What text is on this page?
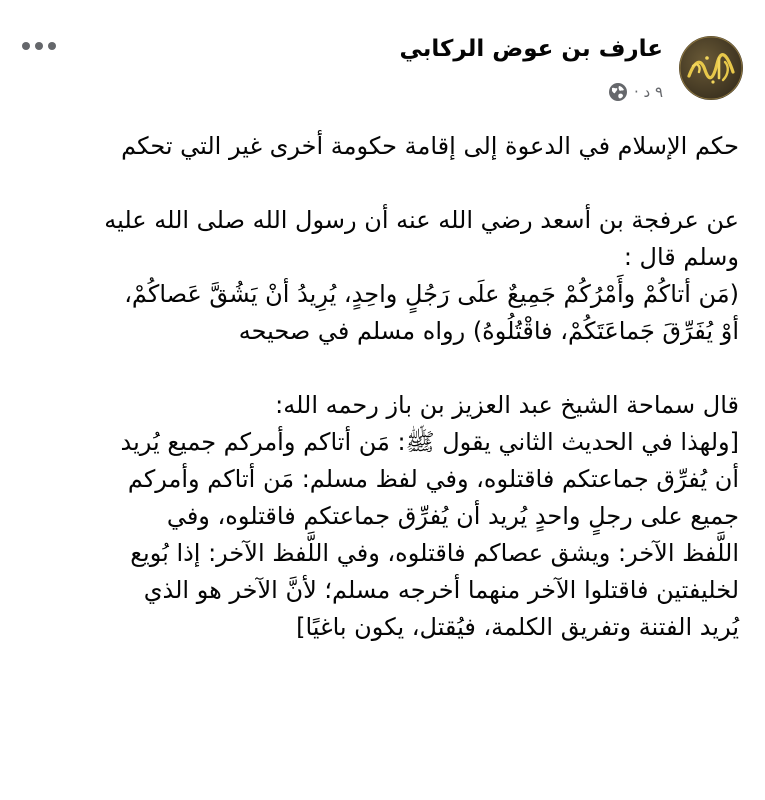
عارف بن عوض الركابي
٩ د ·

حكم الإسلام في الدعوة إلى إقامة حكومة أخرى غير التي تحكم

عن عرفجة بن أسعد رضي الله عنه أن رسول الله صلى الله عليه

وسلم قال :

(مَن أتاكُمْ وأَمْرُكُمْ جَمِيعٌ علَى رَجُلٍ واحِدٍ، يُرِيدُ أنْ يَشُقَّ عَصاكُمْ،

أوْ يُفَرِّقَ جَماعَتَكُمْ، فاقْتُلُوهُ) رواه مسلم في صحيحه

قال سماحة الشيخ عبد العزيز بن باز رحمه الله:

[ولهذا في الحديث الثاني يقول ﷺ: مَن أتاكم وأمركم جميع يُريد

أن يُفرِّق جماعتكم فاقتلوه، وفي لفظ مسلم: مَن أتاكم وأمركم

جميع على رجلٍ واحدٍ يُريد أن يُفرِّق جماعتكم فاقتلوه، وفي

اللَّفظ الآخر: ويشق عصاكم فاقتلوه، وفي اللَّفظ الآخر: إذا بُويع

لخليفتين فاقتلوا الآخر منهما أخرجه مسلم؛ لأنَّ الآخر هو الذي

يُريد الفتنة وتفريق الكلمة، فيُقتل، يكون باغيًا]
